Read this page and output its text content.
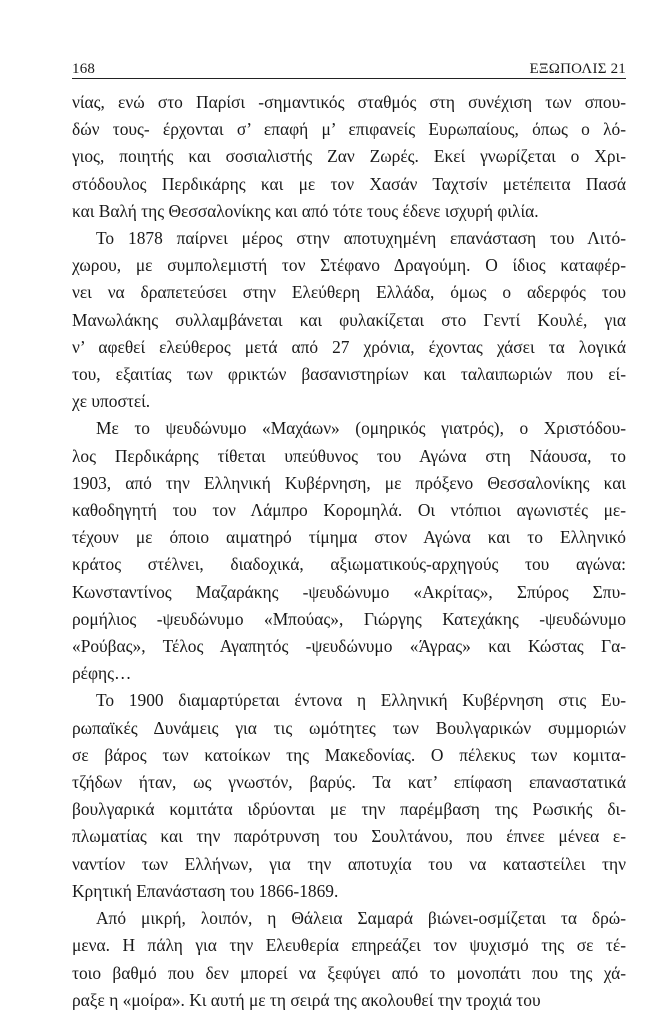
168	ΕΞΩΠΟΛΙΣ 21
νίας, ενώ στο Παρίσι -σημαντικός σταθμός στη συνέχιση των σπου-
δών τους- έρχονται σ’ επαφή μ’ επιφανείς Ευρωπαίους, όπως ο λό-
γιος, ποιητής και σοσιαλιστής Ζαν Ζωρές. Εκεί γνωρίζεται ο Χρι-
στόδουλος Περδικάρης και με τον Χασάν Ταχτσίν μετέπειτα Πασά
και Βαλή της Θεσσαλονίκης και από τότε τους έδενε ισχυρή φιλία.
Το 1878 παίρνει μέρος στην αποτυχημένη επανάσταση του Λιτό-
χωρου, με συμπολεμιστή τον Στέφανο Δραγούμη. Ο ίδιος καταφέρ-
νει να δραπετεύσει στην Ελεύθερη Ελλάδα, όμως ο αδερφός του
Μανωλάκης συλλαμβάνεται και φυλακίζεται στο Γεντί Κουλέ, για
ν’ αφεθεί ελεύθερος μετά από 27 χρόνια, έχοντας χάσει τα λογικά
του, εξαιτίας των φρικτών βασανιστηρίων και ταλαιπωριών που εί-
χε υποστεί.
Με το ψευδώνυμο «Μαχάων» (ομηρικός γιατρός), ο Χριστόδου-
λος Περδικάρης τίθεται υπεύθυνος του Αγώνα στη Νάουσα, το
1903, από την Ελληνική Κυβέρνηση, με πρόξενο Θεσσαλονίκης και
καθοδηγητή του τον Λάμπρο Κορομηλά. Οι ντόπιοι αγωνιστές με-
τέχουν με όποιο αιματηρό τίμημα στον Αγώνα και το Ελληνικό
κράτος στέλνει, διαδοχικά, αξιωματικούς-αρχηγούς του αγώνα:
Κωνσταντίνος Μαζαράκης -ψευδώνυμο «Ακρίτας», Σπύρος Σπυ-
ρομήλιος -ψευδώνυμο «Μπούας», Γιώργης Κατεχάκης -ψευδώνυμο
«Ρούβας», Τέλος Αγαπητός -ψευδώνυμο «Άγρας» και Κώστας Γα-
ρέφης…
Το 1900 διαμαρτύρεται έντονα η Ελληνική Κυβέρνηση στις Ευ-
ρωπαϊκές Δυνάμεις για τις ωμότητες των Βουλγαρικών συμμοριών
σε βάρος των κατοίκων της Μακεδονίας. Ο πέλεκυς των κομιτα-
τζήδων ήταν, ως γνωστόν, βαρύς. Τα κατ’ επίφαση επαναστατικά
βουλγαρικά κομιτάτα ιδρύονται με την παρέμβαση της Ρωσικής δι-
πλωματίας και την παρότρυνση του Σουλτάνου, που έπνεε μένεα ε-
ναντίον των Ελλήνων, για την αποτυχία του να καταστείλει την
Κρητική Επανάσταση του 1866-1869.
Από μικρή, λοιπόν, η Θάλεια Σαμαρά βιώνει-οσμίζεται τα δρώ-
μενα. Η πάλη για την Ελευθερία επηρεάζει τον ψυχισμό της σε τέ-
τοιο βαθμό που δεν μπορεί να ξεφύγει από το μονοπάτι που της χά-
ραξε η «μοίρα». Κι αυτή με τη σειρά της ακολουθεί την τροχιά του
